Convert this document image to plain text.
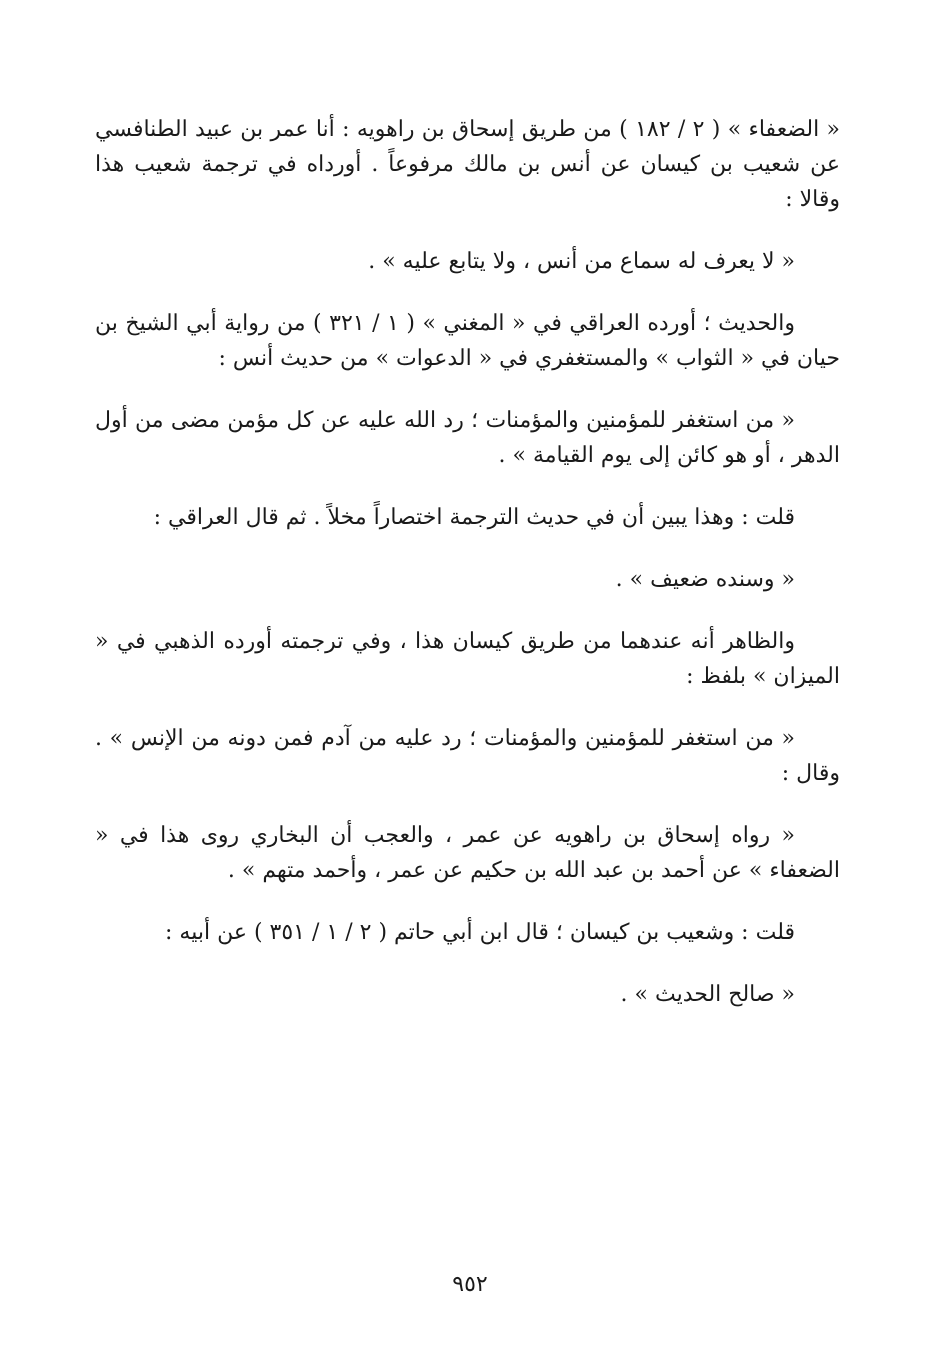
« الضعفاء » ( ٢ / ١٨٢ ) من طريق إسحاق بن راهويه : أنا عمر بن عبيد الطنافسي عن شعيب بن كيسان عن أنس بن مالك مرفوعاً . أورداه في ترجمة شعيب هذا وقالا :

« لا يعرف له سماع من أنس ، ولا يتابع عليه » .

والحديث ؛ أورده العراقي في « المغني » ( ١ / ٣٢١ ) من رواية أبي الشيخ بن حيان في « الثواب » والمستغفري في « الدعوات » من حديث أنس :

« من استغفر للمؤمنين والمؤمنات ؛ رد الله عليه عن كل مؤمن مضى من أول الدهر ، أو هو كائن إلى يوم القيامة » .

قلت : وهذا يبين أن في حديث الترجمة اختصاراً مخلاً . ثم قال العراقي :

« وسنده ضعيف » .

والظاهر أنه عندهما من طريق كيسان هذا ، وفي ترجمته أورده الذهبي في « الميزان » بلفظ :

« من استغفر للمؤمنين والمؤمنات ؛ رد عليه من آدم فمن دونه من الإنس » . وقال :

« رواه إسحاق بن راهويه عن عمر ، والعجب أن البخاري روى هذا في « الضعفاء » عن أحمد بن عبد الله بن حكيم عن عمر ، وأحمد متهم » .

قلت : وشعيب بن كيسان ؛ قال ابن أبي حاتم ( ٢ / ١ / ٣٥١ ) عن أبيه :

« صالح الحديث » .

٩٥٢
